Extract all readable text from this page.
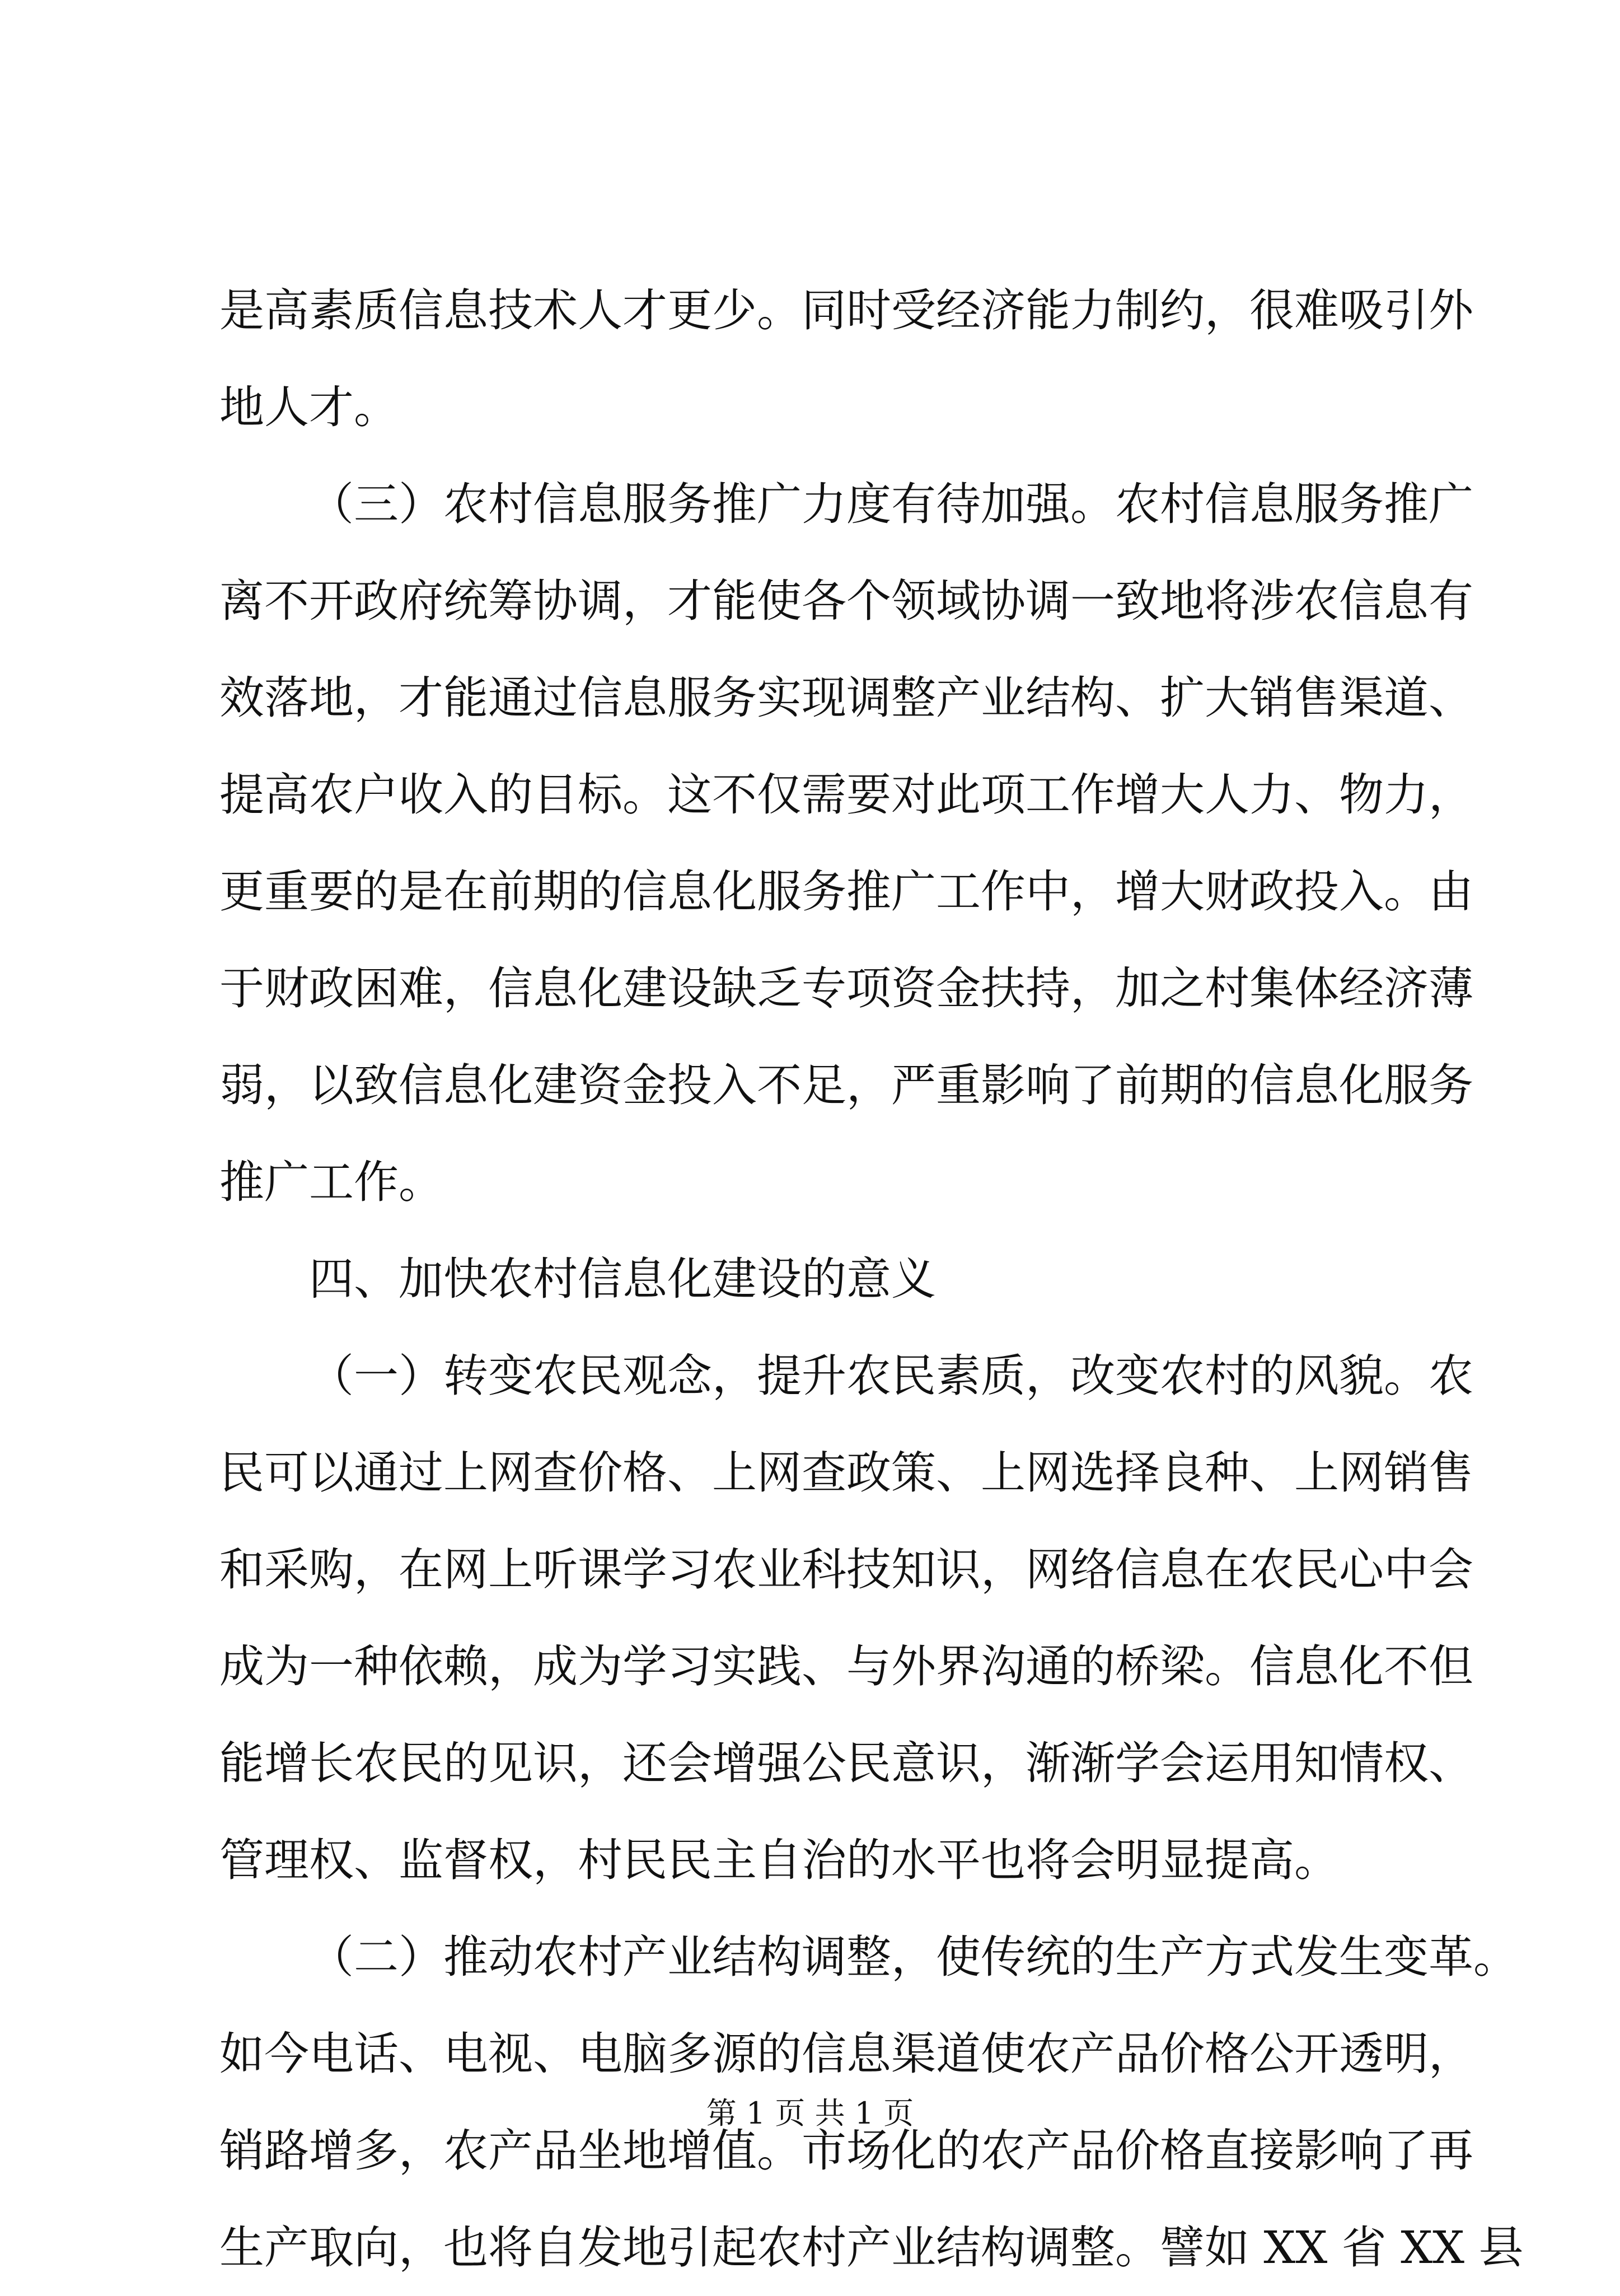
是高素质信息技术人才更少。同时受经济能力制约，很难吸引外
地人才。
（三）农村信息服务推广力度有待加强。农村信息服务推广
离不开政府统筹协调，才能使各个领域协调一致地将涉农信息有
效落地，才能通过信息服务实现调整产业结构、扩大销售渠道、
提高农户收入的目标。这不仅需要对此项工作增大人力、物力，
更重要的是在前期的信息化服务推广工作中，增大财政投入。由
于财政困难，信息化建设缺乏专项资金扶持，加之村集体经济薄
弱，以致信息化建资金投入不足，严重影响了前期的信息化服务
推广工作。
四、加快农村信息化建设的意义
（一）转变农民观念，提升农民素质，改变农村的风貌。农
民可以通过上网查价格、上网查政策、上网选择良种、上网销售
和采购，在网上听课学习农业科技知识，网络信息在农民心中会
成为一种依赖，成为学习实践、与外界沟通的桥梁。信息化不但
能增长农民的见识，还会增强公民意识，渐渐学会运用知情权、
管理权、监督权，村民民主自治的水平也将会明显提高。
（二）推动农村产业结构调整，使传统的生产方式发生变革。
如今电话、电视、电脑多源的信息渠道使农产品价格公开透明，
销路增多，农产品坐地增值。市场化的农产品价格直接影响了再
生产取向，也将自发地引起农村产业结构调整。譬如 XX 省 XX 县
第 1 页 共 1 页
